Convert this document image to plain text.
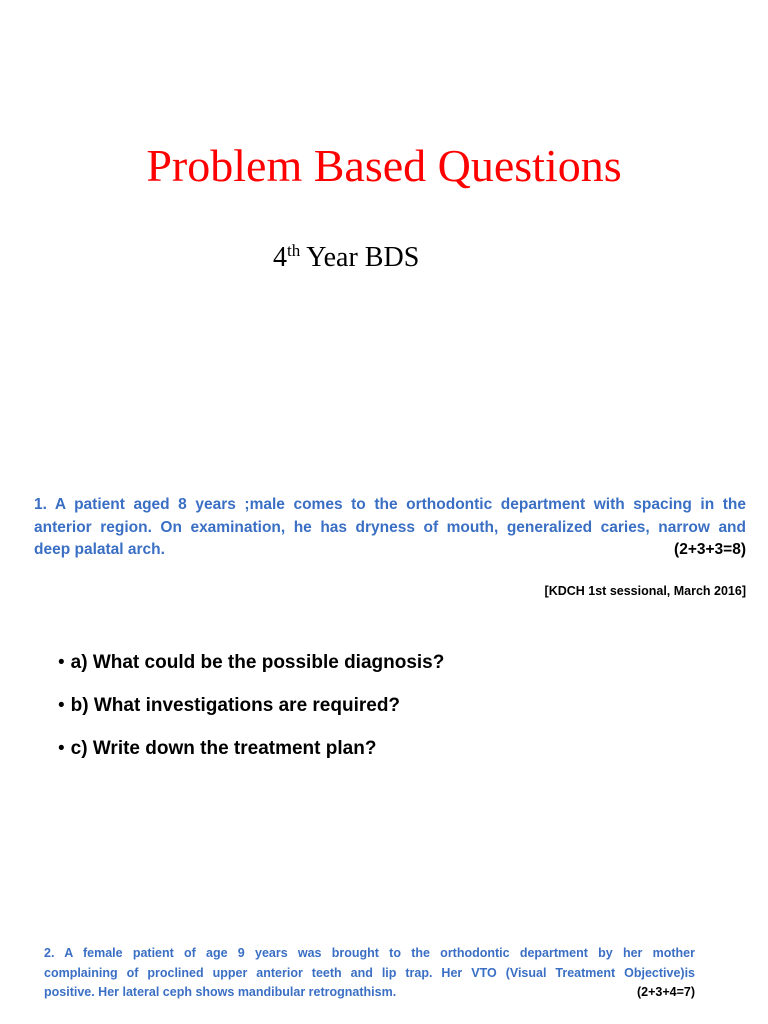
Problem Based Questions
4th Year BDS
1. A patient aged 8 years ;male comes to the orthodontic department with spacing in the
anterior region. On examination, he has dryness of mouth, generalized caries, narrow and
deep palatal arch.	(2+3+3=8)
[KDCH 1st sessional, March 2016]
• a) What could be the possible diagnosis?
• b) What investigations are required?
• c) Write down the treatment plan?
2. A female patient of age 9 years was brought to the orthodontic department by her mother
complaining of proclined upper anterior teeth and lip trap. Her VTO (Visual Treatment Objective)is
positive. Her lateral ceph shows mandibular retrognathism.	(2+3+4=7)
